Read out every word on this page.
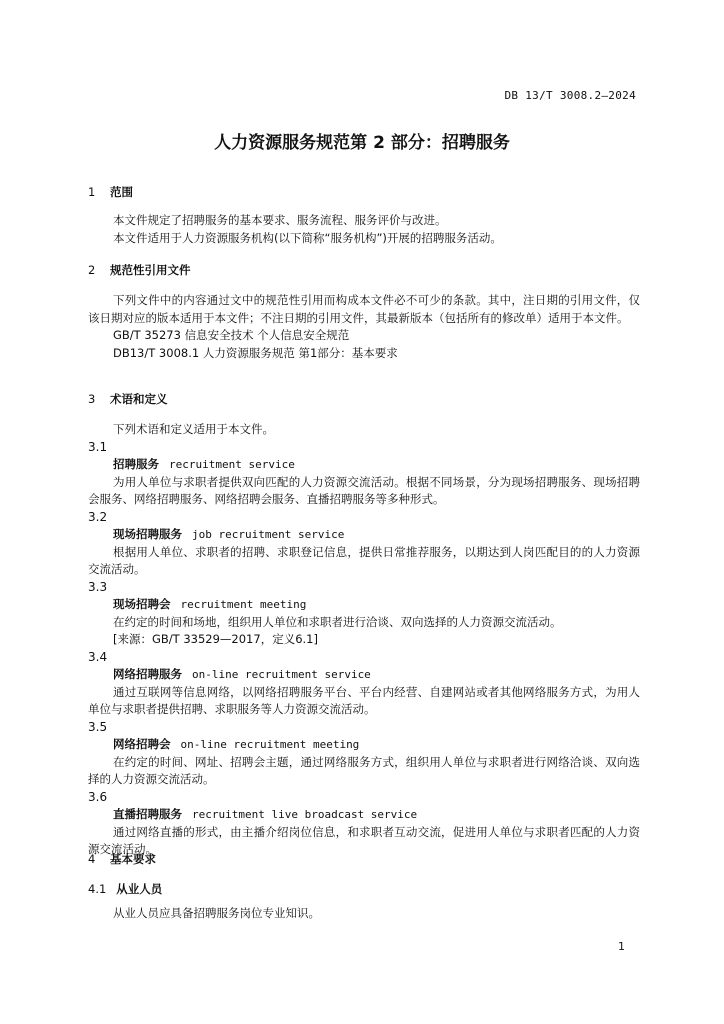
DB 13/T 3008.2—2024
人力资源服务规范第 2 部分：招聘服务
1 范围
本文件规定了招聘服务的基本要求、服务流程、服务评价与改进。
本文件适用于人力资源服务机构(以下简称“服务机构”)开展的招聘服务活动。
2 规范性引用文件
下列文件中的内容通过文中的规范性引用而构成本文件必不可少的条款。其中，注日期的引用文件，仅该日期对应的版本适用于本文件；不注日期的引用文件，其最新版本（包括所有的修改单）适用于本文件。
GB/T 35273 信息安全技术 个人信息安全规范
DB13/T 3008.1 人力资源服务规范 第1部分：基本要求
3 术语和定义
下列术语和定义适用于本文件。
3.1
招聘服务 recruitment service
为用人单位与求职者提供双向匹配的人力资源交流活动。根据不同场景，分为现场招聘服务、现场招聘会服务、网络招聘服务、网络招聘会服务、直播招聘服务等多种形式。
3.2
现场招聘服务 job recruitment service
根据用人单位、求职者的招聘、求职登记信息，提供日常推荐服务，以期达到人岗匹配目的的人力资源交流活动。
3.3
现场招聘会 recruitment meeting
在约定的时间和场地，组织用人单位和求职者进行洽谈、双向选择的人力资源交流活动。
[来源：GB/T 33529—2017，定义6.1]
3.4
网络招聘服务 on-line recruitment service
通过互联网等信息网络，以网络招聘服务平台、平台内经营、自建网站或者其他网络服务方式，为用人单位与求职者提供招聘、求职服务等人力资源交流活动。
3.5
网络招聘会 on-line recruitment meeting
在约定的时间、网址、招聘会主题，通过网络服务方式，组织用人单位与求职者进行网络洽谈、双向选择的人力资源交流活动。
3.6
直播招聘服务 recruitment live broadcast service
通过网络直播的形式，由主播介绍岗位信息，和求职者互动交流，促进用人单位与求职者匹配的人力资源交流活动。
4 基本要求
4.1 从业人员
从业人员应具备招聘服务岗位专业知识。
1
